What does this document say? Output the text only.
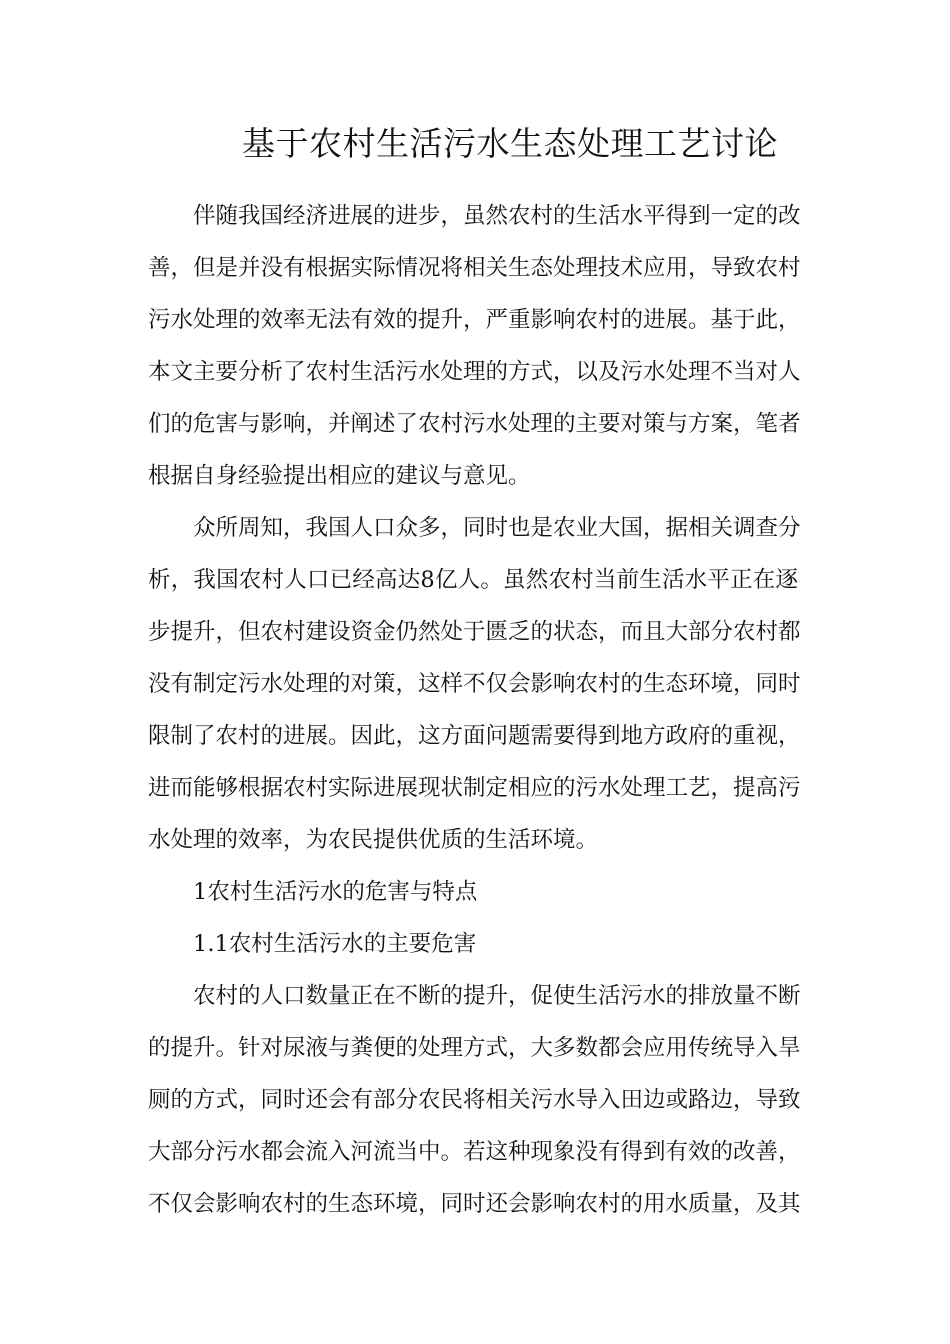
基于农村生活污水生态处理工艺讨论
伴随我国经济进展的进步，虽然农村的生活水平得到一定的改
善，但是并没有根据实际情况将相关生态处理技术应用，导致农村
污水处理的效率无法有效的提升，严重影响农村的进展。基于此，
本文主要分析了农村生活污水处理的方式，以及污水处理不当对人
们的危害与影响，并阐述了农村污水处理的主要对策与方案，笔者
根据自身经验提出相应的建议与意见。
众所周知，我国人口众多，同时也是农业大国，据相关调查分
析，我国农村人口已经高达8亿人。虽然农村当前生活水平正在逐
步提升，但农村建设资金仍然处于匮乏的状态，而且大部分农村都
没有制定污水处理的对策，这样不仅会影响农村的生态环境，同时
限制了农村的进展。因此，这方面问题需要得到地方政府的重视，
进而能够根据农村实际进展现状制定相应的污水处理工艺，提高污
水处理的效率，为农民提供优质的生活环境。
1农村生活污水的危害与特点
1.1农村生活污水的主要危害
农村的人口数量正在不断的提升，促使生活污水的排放量不断
的提升。针对尿液与粪便的处理方式，大多数都会应用传统导入旱
厕的方式，同时还会有部分农民将相关污水导入田边或路边，导致
大部分污水都会流入河流当中。若这种现象没有得到有效的改善，
不仅会影响农村的生态环境，同时还会影响农村的用水质量，及其
